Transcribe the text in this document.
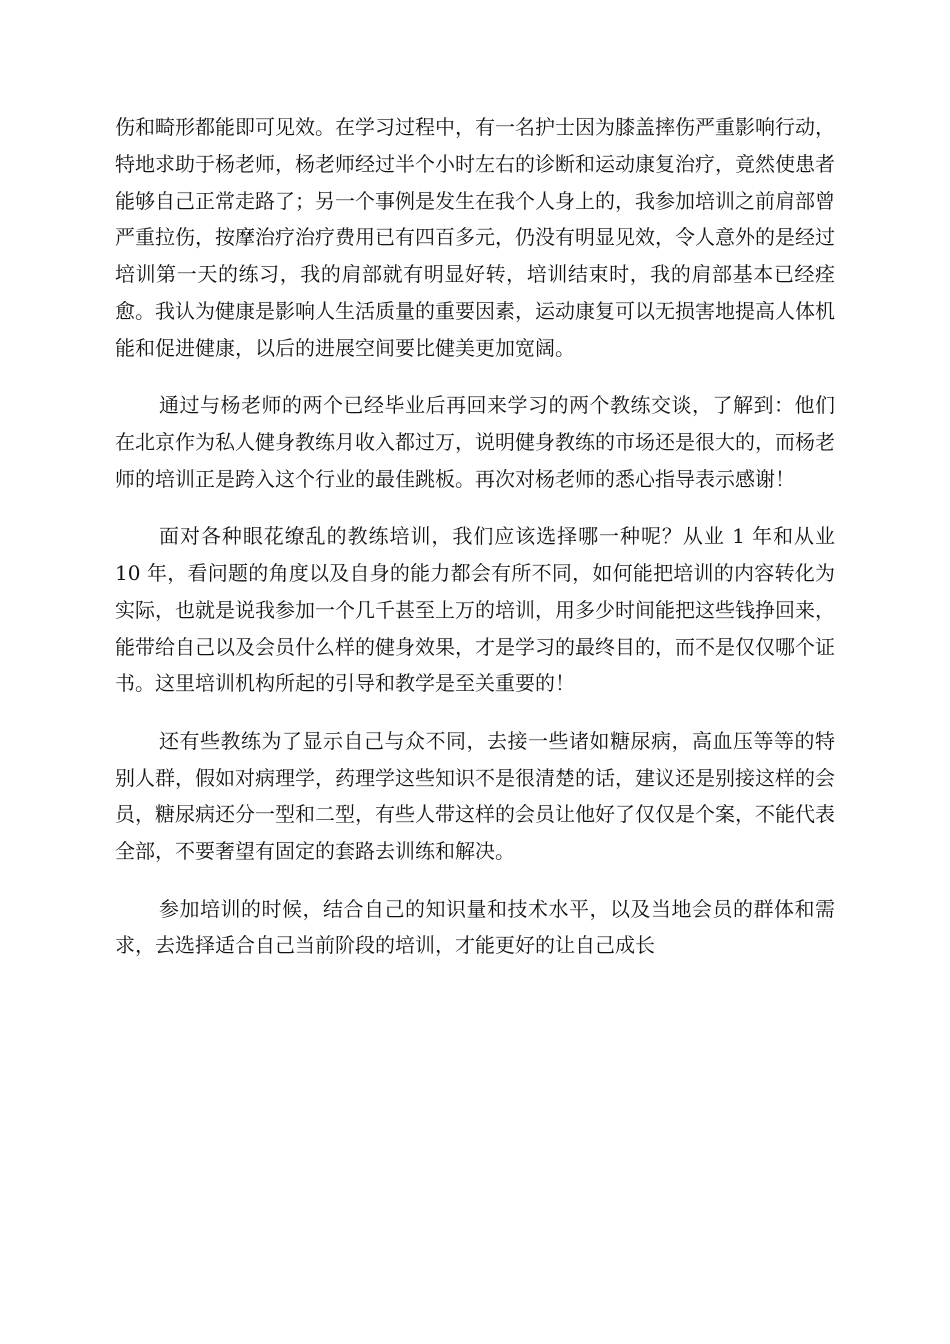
伤和畸形都能即可见效。在学习过程中，有一名护士因为膝盖摔伤严重影响行动，特地求助于杨老师，杨老师经过半个小时左右的诊断和运动康复治疗，竟然使患者能够自己正常走路了；另一个事例是发生在我个人身上的，我参加培训之前肩部曾严重拉伤，按摩治疗治疗费用已有四百多元，仍没有明显见效，令人意外的是经过培训第一天的练习，我的肩部就有明显好转，培训结束时，我的肩部基本已经痊愈。我认为健康是影响人生活质量的重要因素，运动康复可以无损害地提高人体机能和促进健康，以后的进展空间要比健美更加宽阔。

通过与杨老师的两个已经毕业后再回来学习的两个教练交谈，了解到：他们在北京作为私人健身教练月收入都过万，说明健身教练的市场还是很大的，而杨老师的培训正是跨入这个行业的最佳跳板。再次对杨老师的悉心指导表示感谢！

面对各种眼花缭乱的教练培训，我们应该选择哪一种呢？从业 1 年和从业 10 年，看问题的角度以及自身的能力都会有所不同，如何能把培训的内容转化为实际，也就是说我参加一个几千甚至上万的培训，用多少时间能把这些钱挣回来，能带给自己以及会员什么样的健身效果，才是学习的最终目的，而不是仅仅哪个证书。这里培训机构所起的引导和教学是至关重要的！

还有些教练为了显示自己与众不同，去接一些诸如糖尿病，高血压等等的特别人群，假如对病理学，药理学这些知识不是很清楚的话，建议还是别接这样的会员，糖尿病还分一型和二型，有些人带这样的会员让他好了仅仅是个案，不能代表全部，不要奢望有固定的套路去训练和解决。

参加培训的时候，结合自己的知识量和技术水平，以及当地会员的群体和需求，去选择适合自己当前阶段的培训，才能更好的让自己成长
